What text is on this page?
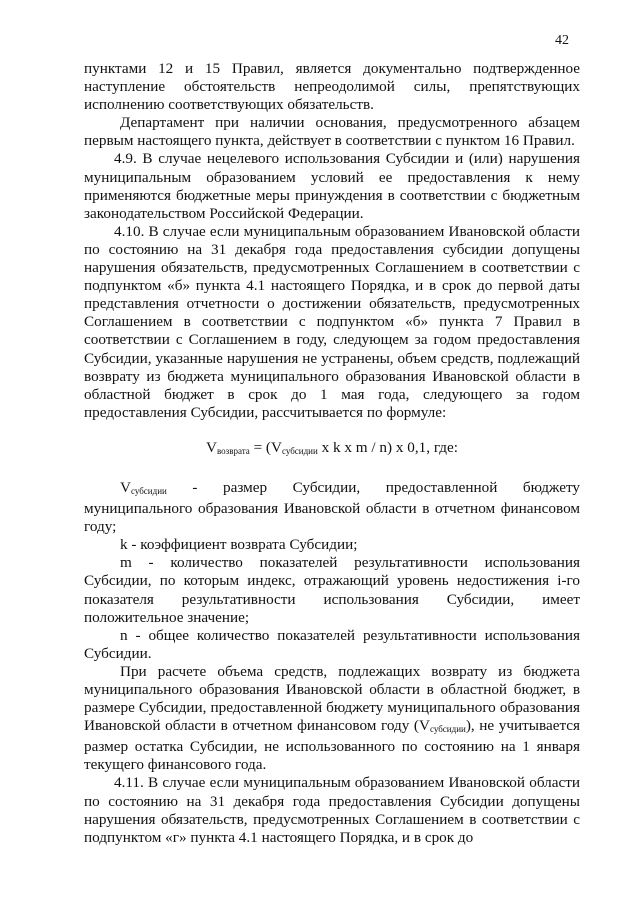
42

пунктами 12 и 15 Правил, является документально подтвержденное наступление обстоятельств непреодолимой силы, препятствующих исполнению соответствующих обязательств.

Департамент при наличии основания, предусмотренного абзацем первым настоящего пункта, действует в соответствии с пунктом 16 Правил.

4.9. В случае нецелевого использования Субсидии и (или) нарушения муниципальным образованием условий ее предоставления к нему применяются бюджетные меры принуждения в соответствии с бюджетным законодательством Российской Федерации.

4.10. В случае если муниципальным образованием Ивановской области по состоянию на 31 декабря года предоставления субсидии допущены нарушения обязательств, предусмотренных Соглашением в соответствии с подпунктом «б» пункта 4.1 настоящего Порядка, и в срок до первой даты представления отчетности о достижении обязательств, предусмотренных Соглашением в соответствии с подпунктом «б» пункта 7 Правил в соответствии с Соглашением в году, следующем за годом предоставления Субсидии, указанные нарушения не устранены, объем средств, подлежащий возврату из бюджета муниципального образования Ивановской области в областной бюджет в срок до 1 мая года, следующего за годом предоставления Субсидии, рассчитывается по формуле:

$V_{возврата} = (V_{субсидии}$ x k x m / n) x 0,1, где:

$V_{субсидии}$ - размер Субсидии, предоставленной бюджету муниципального образования Ивановской области в отчетном финансовом году;

k - коэффициент возврата Субсидии;

m - количество показателей результативности использования Субсидии, по которым индекс, отражающий уровень недостижения i-го показателя результативности использования Субсидии, имеет положительное значение;

n - общее количество показателей результативности использования Субсидии.

При расчете объема средств, подлежащих возврату из бюджета муниципального образования Ивановской области в областной бюджет, в размере Субсидии, предоставленной бюджету муниципального образования Ивановской области в отчетном финансовом году $(V_{субсидии})$, не учитывается размер остатка Субсидии, не использованного по состоянию на 1 января текущего финансового года.

4.11. В случае если муниципальным образованием Ивановской области по состоянию на 31 декабря года предоставления Субсидии допущены нарушения обязательств, предусмотренных Соглашением в соответствии с подпунктом «г» пункта 4.1 настоящего Порядка, и в срок до
